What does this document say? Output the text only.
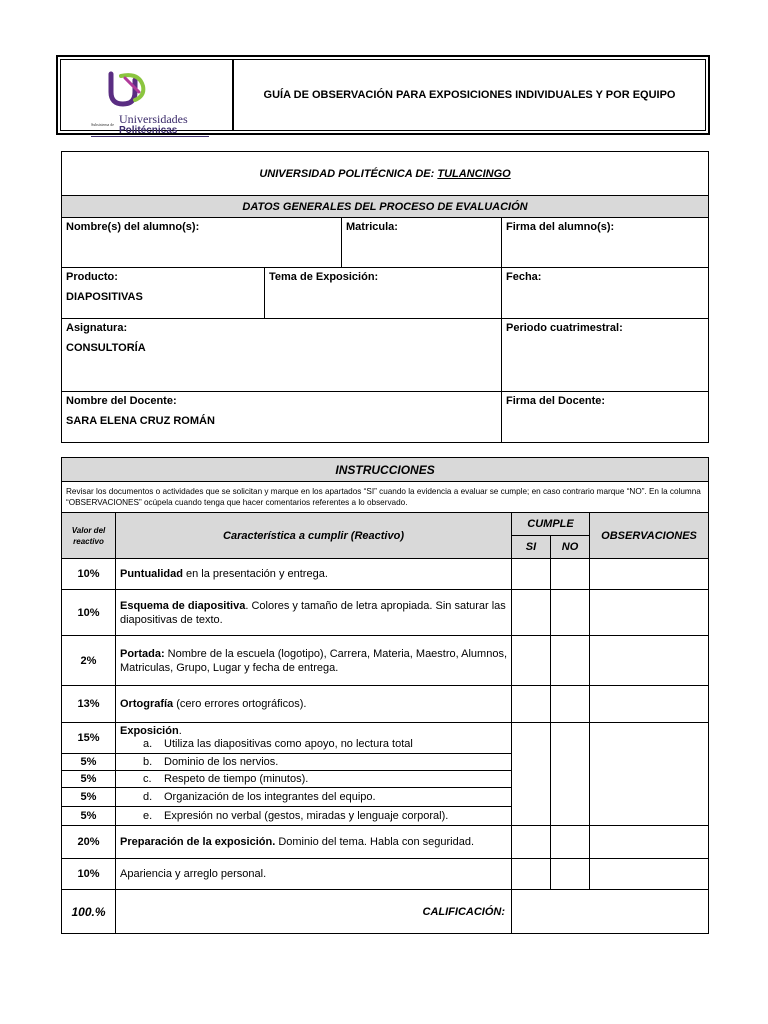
Subsistema de Universidades
Politécnicas
GUÍA DE OBSERVACIÓN PARA EXPOSICIONES INDIVIDUALES Y POR EQUIPO
UNIVERSIDAD POLITÉCNICA DE: TULANCINGO			
DATOS GENERALES DEL PROCESO DE EVALUACIÓN			

Nombre(s) del alumno(s):		Matricula:	Firma del alumno(s):

Producto:
DIAPOSITIVAS	Tema de Exposición:		Fecha:

Asignatura:
CONSULTORÍA			Periodo cuatrimestral:

Nombre del Docente:
SARA ELENA CRUZ ROMÁN			Firma del Docente:
INSTRUCCIONES				
Revisar los documentos o actividades que se solicitan y marque en los apartados “SI” cuando la evidencia a evaluar se cumple; en caso contrario marque “NO”. En la columna “OBSERVACIONES” ocúpela cuando tenga que hacer comentarios referentes a lo observado.				
Valor del reactivo	Característica a cumplir (Reactivo)	CUMPLE		OBSERVACIONES
		SI	NO	
10%	Puntualidad en la presentación y entrega.			
10%	Esquema de diapositiva. Colores y tamaño de letra apropiada. Sin saturar las diapositivas de texto.			
2%	Portada: Nombre de la escuela (logotipo), Carrera, Materia, Maestro, Alumnos, Matriculas, Grupo, Lugar y fecha de entrega.			
13%	Ortografía (cero errores ortográficos).			
15%	Exposición.
a. Utiliza las diapositivas como apoyo, no lectura total			
5%	b. Dominio de los nervios.			
5%	c. Respeto de tiempo (minutos).			
5%	d. Organización de los integrantes del equipo.			
5%	e. Expresión no verbal (gestos, miradas y lenguaje corporal).			
20%	Preparación de la exposición. Dominio del tema. Habla con seguridad.			
10%	Apariencia y arreglo personal.			
100.%	CALIFICACIÓN:			
